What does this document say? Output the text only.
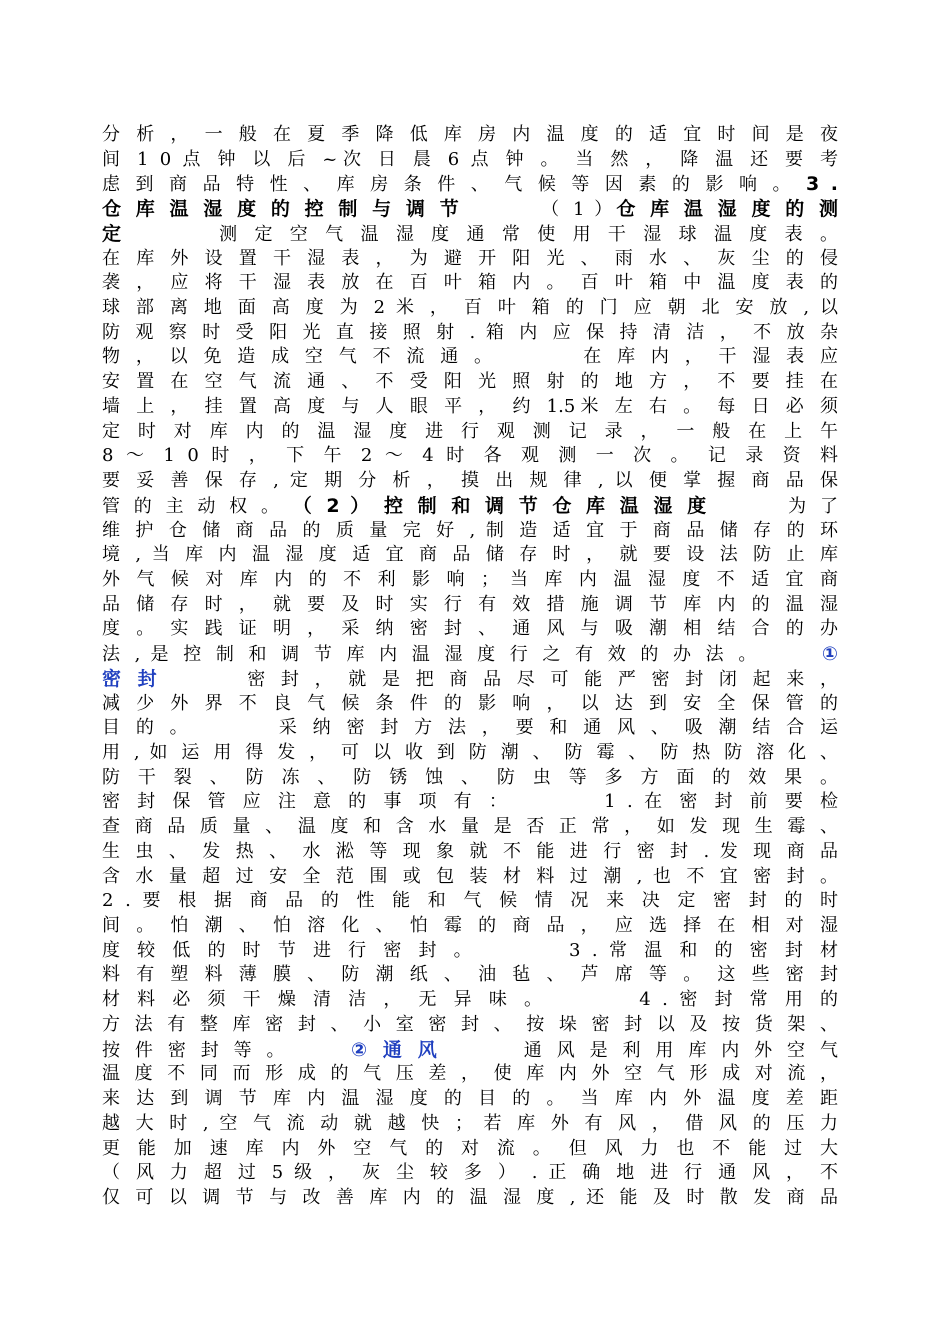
分 析 ， 一 般 在 夏 季 降 低 库 房 内 温 度 的 适 宜 时 间 是 夜
间 1 0 点 钟 以 后 ~次 日 晨 6 点 钟 。 当 然 ， 降 温 还 要 考
虑 到 商 品 特 性 、 库 房 条 件 、 气 候 等 因 素 的 影 响 。 3 .
仓 库 温 湿 度 的 控 制 与 调 节        （ 1 ）仓 库 温 湿 度 的 测
定        测 定 空 气 温 湿 度 通 常 使 用 干 湿 球 温 度 表 。
在 库 外 设 置 干 湿 表 ， 为 避 开 阳 光 、 雨 水 、 灰 尘 的 侵
袭 ， 应 将 干 湿 表 放 在 百 叶 箱 内 。 百 叶 箱 中 温 度 表 的
球 部 离 地 面 高 度 为 2 米 ， 百 叶 箱 的 门 应 朝 北 安 放 , 以
防 观 察 时 受 阳 光 直 接 照 射 . 箱 内 应 保 持 清 洁 ， 不 放 杂
物 ， 以 免 造 成 空 气 不 流 通 。        在 库 内 ， 干 湿 表 应
安 置 在 空 气 流 通 、 不 受 阳 光 照 射 的 地 方 ， 不 要 挂 在
墙 上 ， 挂 置 高 度 与 人 眼 平 ， 约 1.5米 左 右 。 每 日 必 须
定 时 对 库 内 的 温 湿 度 进 行 观 测 记 录 ， 一 般 在 上 午
8 ～ 1 0 时 ， 下 午 2 ～ 4 时 各 观 测 一 次 。 记 录 资 料
要 妥 善 保 存 , 定 期 分 析 ， 摸 出 规 律 , 以 便 掌 握 商 品 保
管 的 主 动 权 。 （ 2 ） 控 制 和 调 节 仓 库 温 湿 度        为 了
维 护 仓 储 商 品 的 质 量 完 好 , 制 造 适 宜 于 商 品 储 存 的 环
境 , 当 库 内 温 湿 度 适 宜 商 品 储 存 时 ， 就 要 设 法 防 止 库
外 气 候 对 库 内 的 不 利 影 响 ； 当 库 内 温 湿 度 不 适 宜 商
品 储 存 时 ， 就 要 及 时 实 行 有 效 措 施 调 节 库 内 的 温 湿
度 。 实 践 证 明 ， 采 纳 密 封 、 通 风 与 吸 潮 相 结 合 的 办
法 , 是 控 制 和 调 节 库 内 温 湿 度 行 之 有 效 的 办 法 。      ①
密 封        密 封 ， 就 是 把 商 品 尽 可 能 严 密 封 闭 起 来 ，
减 少 外 界 不 良 气 候 条 件 的 影 响 ， 以 达 到 安 全 保 管 的
目 的 。        采 纳 密 封 方 法 ， 要 和 通 风 、 吸 潮 结 合 运
用 , 如 运 用 得 发 ， 可 以 收 到 防 潮 、 防 霉 、 防 热 防 溶 化 、
防 干 裂 、 防 冻 、 防 锈 蚀 、 防 虫 等 多 方 面 的 效 果 。
密 封 保 管 应 注 意 的 事 项 有 ：        1 . 在 密 封 前 要 检
查 商 品 质 量 、 温 度 和 含 水 量 是 否 正 常 ， 如 发 现 生 霉 、
生 虫 、 发 热 、 水 淞 等 现 象 就 不 能 进 行 密 封 . 发 现 商 品
含 水 量 超 过 安 全 范 围 或 包 装 材 料 过 潮 , 也 不 宜 密 封 。
2 . 要 根 据 商 品 的 性 能 和 气 候 情 况 来 决 定 密 封 的 时
间 。 怕 潮 、 怕 溶 化 、 怕 霉 的 商 品 ， 应 选 择 在 相 对 湿
度 较 低 的 时 节 进 行 密 封 。        3 . 常 温 和 的 密 封 材
料 有 塑 料 薄 膜 、 防 潮 纸 、 油 毡 、 芦 席 等 。 这 些 密 封
材 料 必 须 干 燥 清 洁 ， 无 异 味 。        4 . 密 封 常 用 的
方 法 有 整 库 密 封 、 小 室 密 封 、 按 垛 密 封 以 及 按 货 架 、
按 件 密 封 等 。      ② 通 风        通 风 是 利 用 库 内 外 空 气
温 度 不 同 而 形 成 的 气 压 差 ， 使 库 内 外 空 气 形 成 对 流 ，
来 达 到 调 节 库 内 温 湿 度 的 目 的 。 当 库 内 外 温 度 差 距
越 大 时 , 空 气 流 动 就 越 快 ； 若 库 外 有 风 ， 借 风 的 压 力
更 能 加 速 库 内 外 空 气 的 对 流 。 但 风 力 也 不 能 过 大
（ 风 力 超 过 5 级 ， 灰 尘 较 多 ） . 正 确 地 进 行 通 风 ， 不
仅 可 以 调 节 与 改 善 库 内 的 温 湿 度 , 还 能 及 时 散 发 商 品
